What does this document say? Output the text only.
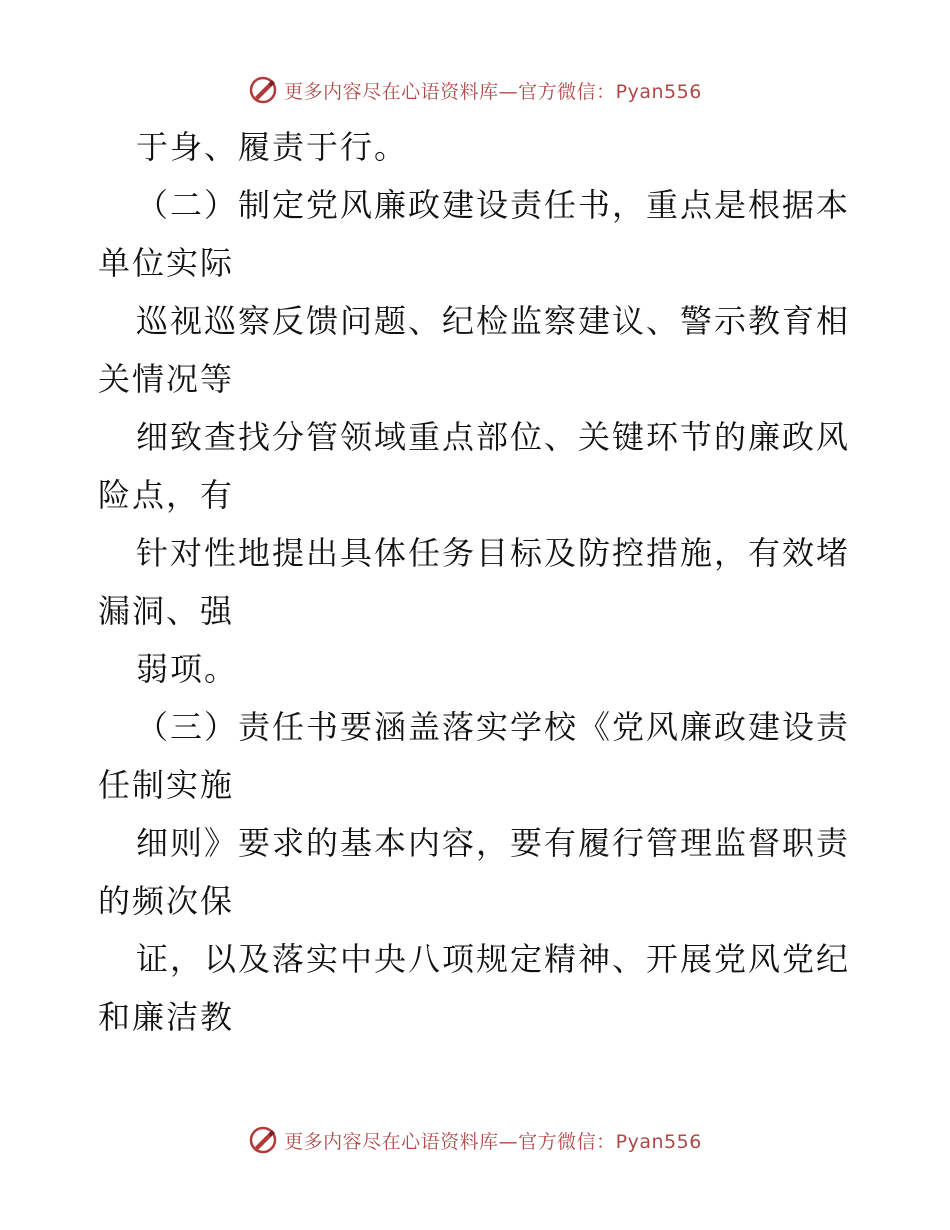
更多内容尽在心语资料库—官方微信：Pyan556
于身、履责于行。
（二）制定党风廉政建设责任书，重点是根据本
单位实际
巡视巡察反馈问题、纪检监察建议、警示教育相
关情况等
细致查找分管领域重点部位、关键环节的廉政风
险点，有
针对性地提出具体任务目标及防控措施，有效堵
漏洞、强
弱项。
（三）责任书要涵盖落实学校《党风廉政建设责
任制实施
细则》要求的基本内容，要有履行管理监督职责
的频次保
证，以及落实中央八项规定精神、开展党风党纪
和廉洁教
更多内容尽在心语资料库—官方微信：Pyan556
